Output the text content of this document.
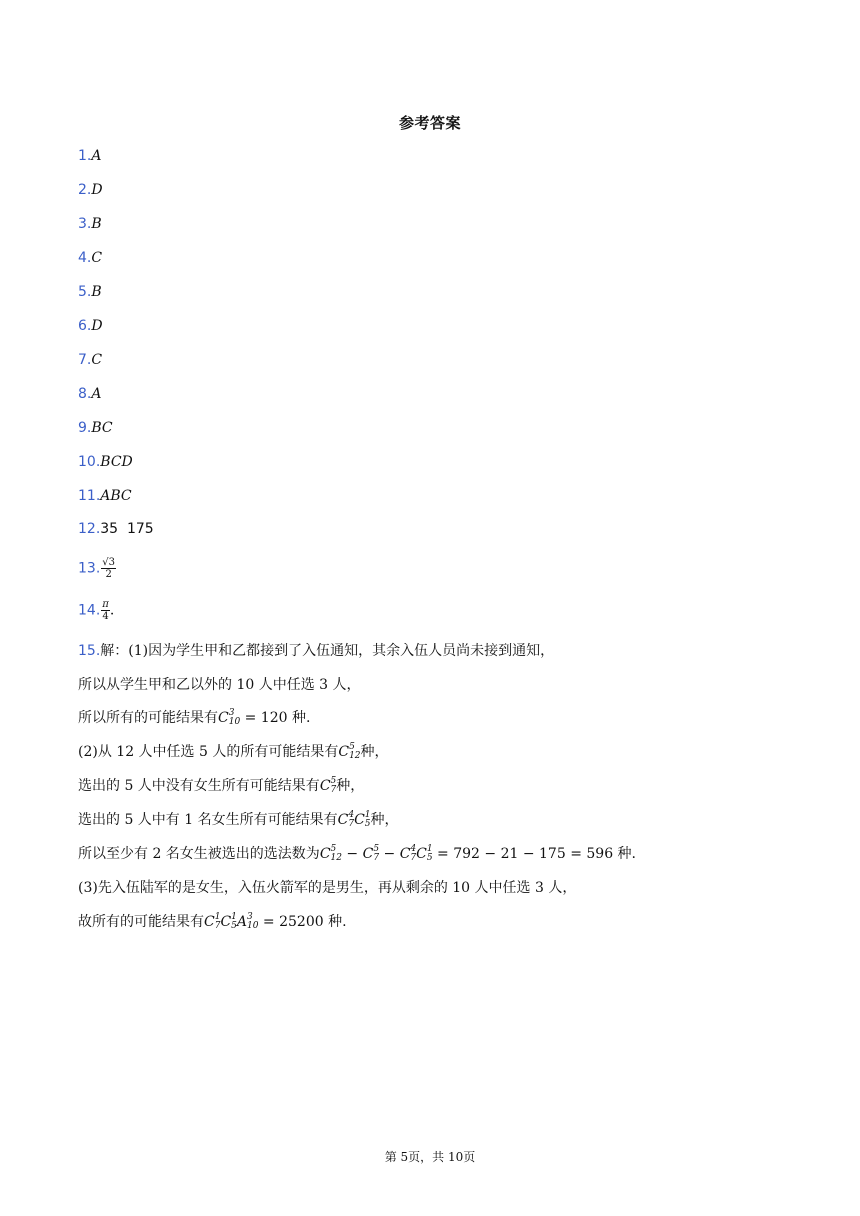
参考答案
1.A
2.D
3.B
4.C
5.B
6.D
7.C
8.A
9.BC
10.BCD
11.ABC
12.35  175
13. $\frac{√3}{2}$
14. $\frac{\pi}{4}$ .
15.解：(1)因为学生甲和乙都接到了入伍通知，其余入伍人员尚未接到通知，
所以从学生甲和乙以外的 10 人中任选 3 人，
所以所有的可能结果有C 3
10 = 120 种.
(2)从 12 人中任选 5 人的所有可能结果有C 5
12 种，
选出的 5 人中没有女生所有可能结果有C 5
7 种，
选出的 5 人中有 1 名女生所有可能结果有C 4
7 C 1
5 种，
所以至少有 2 名女生被选出的选法数为C 5
12 − C 5
7 − C 4
7 C 1
5 = 792 − 21 − 175 = 596 种.
(3)先入伍陆军的是女生，入伍火箭军的是男生，再从剩余的 10 人中任选 3 人，
故所有的可能结果有C 1
7 C 1
5 A 3
10 = 25200 种.
第 5页，共 10页
